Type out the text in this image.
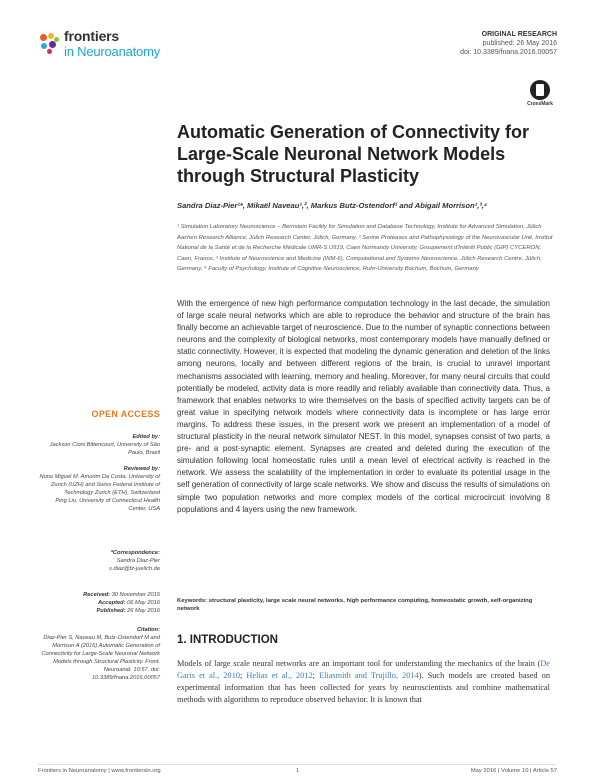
frontiers
in Neuroanatomy
ORIGINAL RESEARCH
published: 26 May 2016
doi: 10.3389/fnana.2016.00057
CrossMark
Automatic Generation of Connectivity for Large-Scale Neuronal Network Models through Structural Plasticity
Sandra Diaz-Pier¹*, Mikaël Naveau¹,², Markus Butz-Ostendorf¹ and Abigail Morrison¹,³,⁴
¹ Simulation Laboratory Neuroscience – Bernstein Facility for Simulation and Database Technology, Institute for Advanced Simulation, Jülich Aachen Research Alliance, Jülich Research Center, Jülich, Germany, ² Serine Proteases and Pathophysiology of the Neurovascular Unit, Institut National de la Santé et de la Recherche Médicale UMR-S U919, Caen Normandy University, Groupement d'Intérêt Public (GIP) CYCERON, Caen, France, ³ Institute of Neuroscience and Medicine (INM-6), Computational and Systems Neuroscience, Jülich Research Centre, Jülich, Germany, ⁴ Faculty of Psychology, Institute of Cognitive Neuroscience, Ruhr-University Bochum, Bochum, Germany
With the emergence of new high performance computation technology in the last decade, the simulation of large scale neural networks which are able to reproduce the behavior and structure of the brain has finally become an achievable target of neuroscience. Due to the number of synaptic connections between neurons and the complexity of biological networks, most contemporary models have manually defined or static connectivity. However, it is expected that modeling the dynamic generation and deletion of the links among neurons, locally and between different regions of the brain, is crucial to unravel important mechanisms associated with learning, memory and healing. Moreover, for many neural circuits that could potentially be modeled, activity data is more readily and reliably available than connectivity data. Thus, a framework that enables networks to wire themselves on the basis of specified activity targets can be of great value in specifying network models where connectivity data is incomplete or has large error margins. To address these issues, in the present work we present an implementation of a model of structural plasticity in the neural network simulator NEST. In this model, synapses consist of two parts, a pre- and a post-synaptic element. Synapses are created and deleted during the execution of the simulation following local homeostatic rules until a mean level of electrical activity is reached in the network. We assess the scalability of the implementation in order to evaluate its potential usage in the self generation of connectivity of large scale networks. We show and discuss the results of simulations on simple two population networks and more complex models of the cortical microcircuit involving 8 populations and 4 layers using the new framework.
Keywords: structural plasticity, large scale neural networks, high performance computing, homeostatic growth, self-organizing network
OPEN ACCESS
Edited by:
Jackson Cioni Bittencourt, University of São Paulo, Brazil
Reviewed by:
Nuno Miguel M. Amorim Da Costa, University of Zurich (UZH) and Swiss Federal Institute of Technology Zurich (ETH), Switzerland
Ping Liu, University of Connecticut Health Center, USA
*Correspondence:
Sandra Diaz-Pier
s.diaz@fz-juelich.de
Received: 30 November 2015
Accepted: 06 May 2016
Published: 26 May 2016
Citation:
Diaz-Pier S, Naveau M, Butz-Ostendorf M and Morrison A (2016) Automatic Generation of Connectivity for Large-Scale Neuronal Network Models through Structural Plasticity. Front. Neuroanat. 10:57. doi: 10.3389/fnana.2016.00057
1. INTRODUCTION
Models of large scale neural networks are an important tool for understanding the mechanics of the brain (De Garis et al., 2010; Helias et al., 2012; Eliasmith and Trujillo, 2014). Such models are created based on experimental information that has been collected for years by neuroscientists and combine mathematical methods with algorithms to reproduce observed behavior. It is known that
Frontiers in Neuroanatomy | www.frontiersin.org	1	May 2016 | Volume 10 | Article 57
